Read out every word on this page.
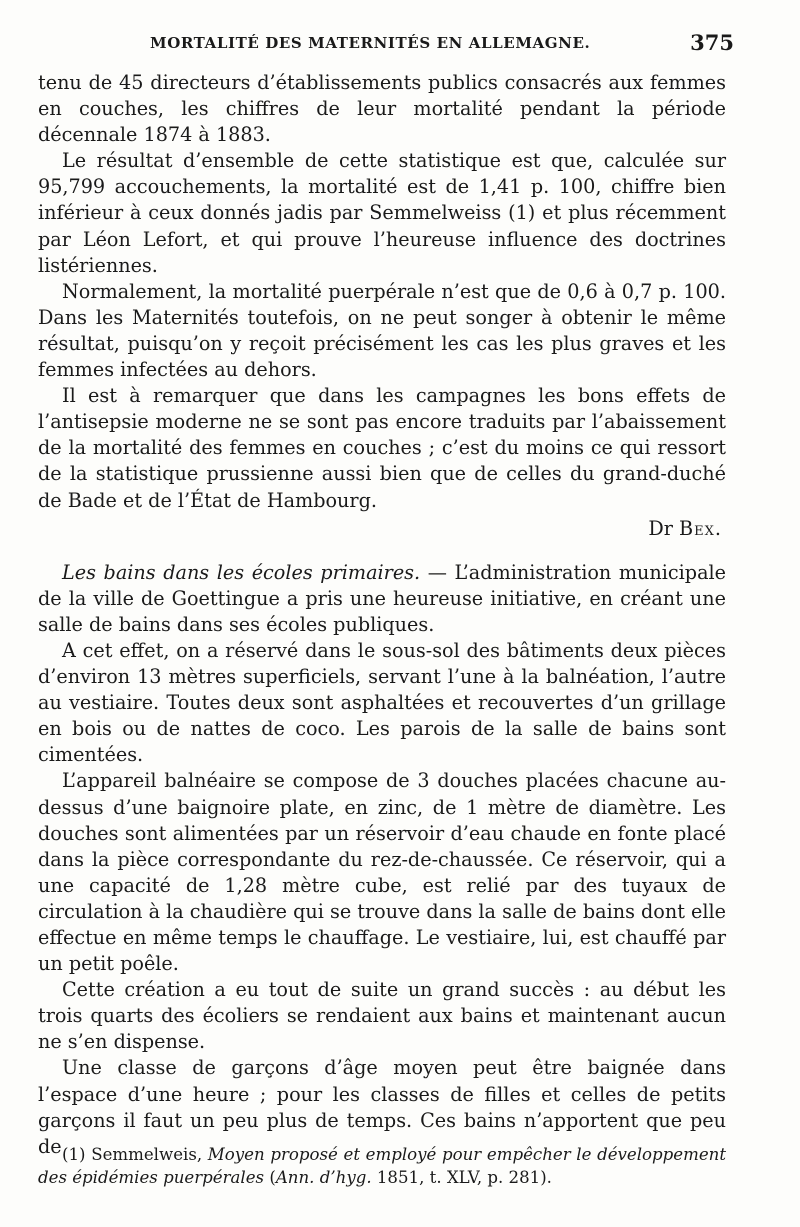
MORTALITÉ DES MATERNITÉS EN ALLEMAGNE.	375

tenu de 45 directeurs d’établissements publics consacrés aux femmes en couches, les chiffres de leur mortalité pendant la période décennale 1874 à 1883.

Le résultat d’ensemble de cette statistique est que, calculée sur 95,799 accouchements, la mortalité est de 1,41 p. 100, chiffre bien inférieur à ceux donnés jadis par Semmelweiss (1) et plus récemment par Léon Lefort, et qui prouve l’heureuse influence des doctrines listériennes.

Normalement, la mortalité puerpérale n’est que de 0,6 à 0,7 p. 100. Dans les Maternités toutefois, on ne peut songer à obtenir le même résultat, puisqu’on y reçoit précisément les cas les plus graves et les femmes infectées au dehors.

Il est à remarquer que dans les campagnes les bons effets de l’antisepsie moderne ne se sont pas encore traduits par l’abaissement de la mortalité des femmes en couches ; c’est du moins ce qui ressort de la statistique prussienne aussi bien que de celles du grand-duché de Bade et de l’État de Hambourg.

Dr Bex.

Les bains dans les écoles primaires. — L’administration municipale de la ville de Goettingue a pris une heureuse initiative, en créant une salle de bains dans ses écoles publiques.

A cet effet, on a réservé dans le sous-sol des bâtiments deux pièces d’environ 13 mètres superficiels, servant l’une à la balnéation, l’autre au vestiaire. Toutes deux sont asphaltées et recouvertes d’un grillage en bois ou de nattes de coco. Les parois de la salle de bains sont cimentées.

L’appareil balnéaire se compose de 3 douches placées chacune au-dessus d’une baignoire plate, en zinc, de 1 mètre de diamètre. Les douches sont alimentées par un réservoir d’eau chaude en fonte placé dans la pièce correspondante du rez-de-chaussée. Ce réservoir, qui a une capacité de 1,28 mètre cube, est relié par des tuyaux de circulation à la chaudière qui se trouve dans la salle de bains dont elle effectue en même temps le chauffage. Le vestiaire, lui, est chauffé par un petit poêle.

Cette création a eu tout de suite un grand succès : au début les trois quarts des écoliers se rendaient aux bains et maintenant aucun ne s’en dispense.

Une classe de garçons d’âge moyen peut être baignée dans l’espace d’une heure ; pour les classes de filles et celles de petits garçons il faut un peu plus de temps. Ces bains n’apportent que peu de (1) Semmelweis, Moyen proposé et employé pour empêcher le développement des épidémies puerpérales (Ann. d’hyg. 1851, t. XLV, p. 281).
